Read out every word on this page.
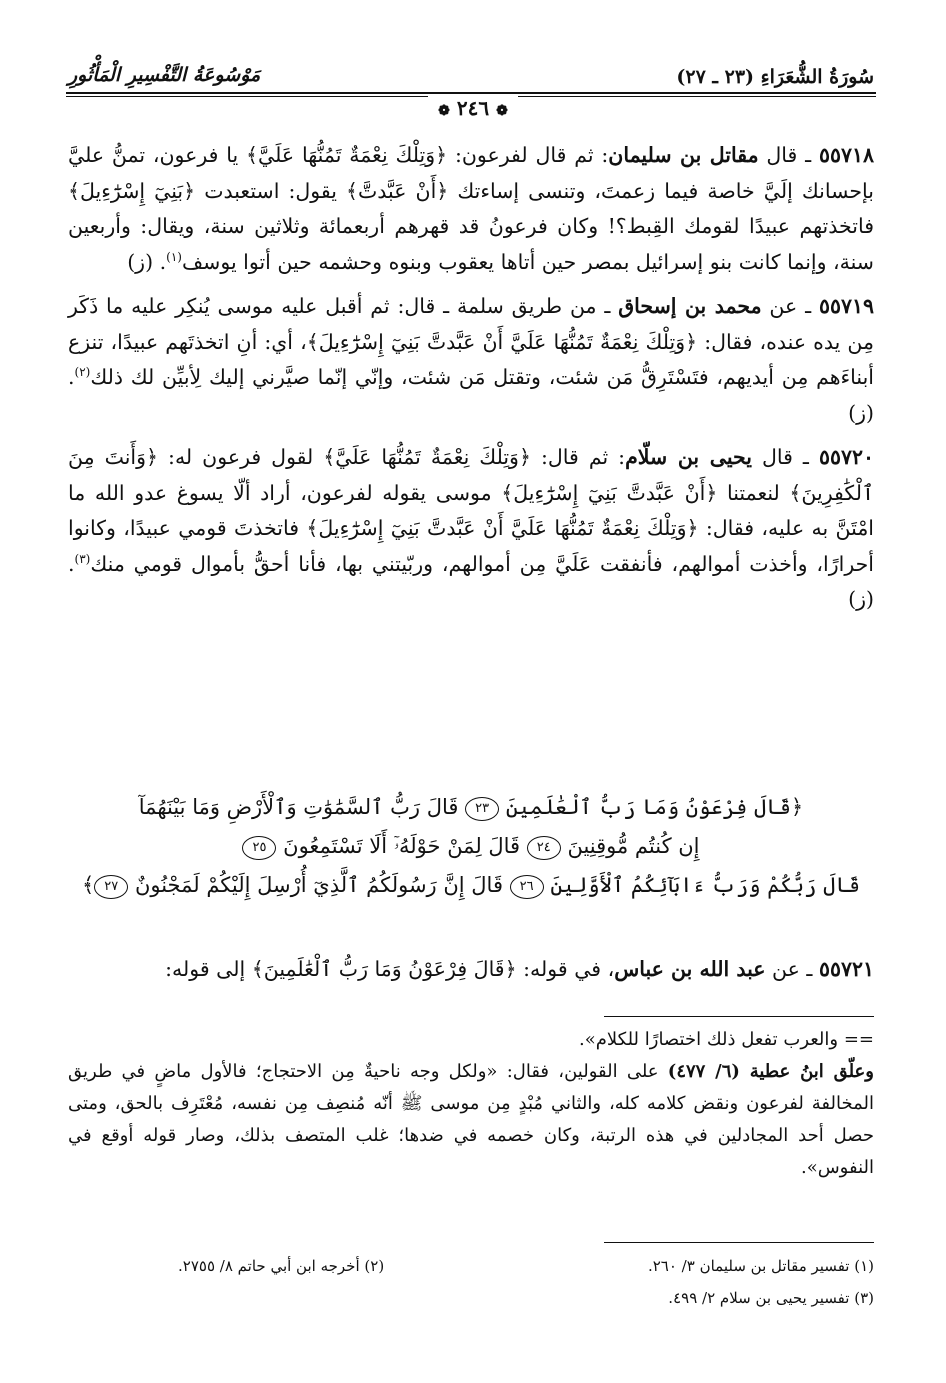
سُورَةُ الشُّعَرَاءِ (٢٣ ـ ٢٧)
مَوْسُوعَةُ التَّفْسِيرِ الْمَأْثُورِ
❁ ٢٤٦ ❁

٥٥٧١٨ ـ قال مقاتل بن سليمان: ثم قال لفرعون: ﴿وَتِلْكَ نِعْمَةٌ تَمُنُّهَا عَلَيَّ﴾ يا فرعون، تمنُّ عليَّ بإحسانك إلَيَّ خاصة فيما زعمتَ، وتنسى إساءتك ﴿أَنْ عَبَّدتَّ﴾ يقول: استعبدت ﴿بَنِيٓ إِسْرَٰٓءِيلَ﴾ فاتخذتهم عبيدًا لقومك القِبط؟! وكان فرعونُ قد قهرهم أربعمائة وثلاثين سنة، ويقال: وأربعين سنة، وإنما كانت بنو إسرائيل بمصر حين أتاها يعقوب وبنوه وحشمه حين أتوا يوسف$^{(١)}$. (ز)

٥٥٧١٩ ـ عن محمد بن إسحاق ـ من طريق سلمة ـ قال: ثم أقبل عليه موسى يُنكِر عليه ما ذَكَر مِن يده عنده، فقال: ﴿وَتِلْكَ نِعْمَةٌ تَمُنُّهَا عَلَيَّ أَنْ عَبَّدتَّ بَنِيٓ إِسْرَٰٓءِيلَ﴾، أي: أنِ اتخذتَهم عبيدًا، تنزع أبناءَهم مِن أيديهم، فتَسْتَرِقُّ مَن شئت، وتقتل مَن شئت، وإنّي إنّما صيَّرني إليك لِأبيِّن لك ذلك$^{(٢)}$. (ز)

٥٥٧٢٠ ـ قال يحيى بن سلّام: ثم قال: ﴿وَتِلْكَ نِعْمَةٌ تَمُنُّهَا عَلَيَّ﴾ لقول فرعون له: ﴿وَأَنتَ مِنَ ٱلْكَٰفِرِينَ﴾ لنعمتنا ﴿أَنْ عَبَّدتَّ بَنِيٓ إِسْرَٰٓءِيلَ﴾ موسى يقوله لفرعون، أراد ألّا يسوغ عدو الله ما امْتَنَّ به عليه، فقال: ﴿وَتِلْكَ نِعْمَةٌ تَمُنُّهَا عَلَيَّ أَنْ عَبَّدتَّ بَنِيٓ إِسْرَٰٓءِيلَ﴾ فاتخذتَ قومي عبيدًا، وكانوا أحرارًا، وأخذت أموالهم، فأنفقت عَلَيَّ مِن أموالهم، وربّيتني بها، فأنا أحقُّ بأموال قومي منك$^{(٣)}$. (ز)

﴿قَالَ فِرْعَوْنُ وَمَا رَبُّ ٱلْعَٰلَمِينَ ٢٣ قَالَ رَبُّ ٱلسَّمَٰوَٰتِ وَٱلْأَرْضِ وَمَا بَيْنَهُمَآ

إِن كُنتُم مُّوقِنِينَ ٢٤ قَالَ لِمَنْ حَوْلَهُۥٓ أَلَا تَسْتَمِعُونَ ٢٥

قَالَ رَبُّكُمْ وَرَبُّ ءَابَآئِكُمُ ٱلْأَوَّلِينَ ٢٦ قَالَ إِنَّ رَسُولَكُمُ ٱلَّذِيٓ أُرْسِلَ إِلَيْكُمْ لَمَجْنُونٌ ٢٧﴾

٥٥٧٢١ ـ عن عبد الله بن عباس، في قوله: ﴿قَالَ فِرْعَوْنُ وَمَا رَبُّ ٱلْعَٰلَمِينَ﴾ إلى قوله:

== والعرب تفعل ذلك اختصارًا للكلام».

وعلّق ابنُ عطية (٦/ ٤٧٧) على القولين، فقال: «ولكل وجه ناحيةٌ مِن الاحتجاج؛ فالأول ماضٍ في طريق المخالفة لفرعون ونقض كلامه كله، والثاني مُبْدٍ مِن موسى ﷺ أنّه مُنصِف مِن نفسه، مُعْتَرِف بالحق، ومتى حصل أحد المجادلين في هذه الرتبة، وكان خصمه في ضدها؛ غلب المتصف بذلك، وصار قوله أوقع في النفوس».

(١) تفسير مقاتل بن سليمان ٣/ ٢٦٠.
(٢) أخرجه ابن أبي حاتم ٨/ ٢٧٥٥.
(٣) تفسير يحيى بن سلام ٢/ ٤٩٩.
